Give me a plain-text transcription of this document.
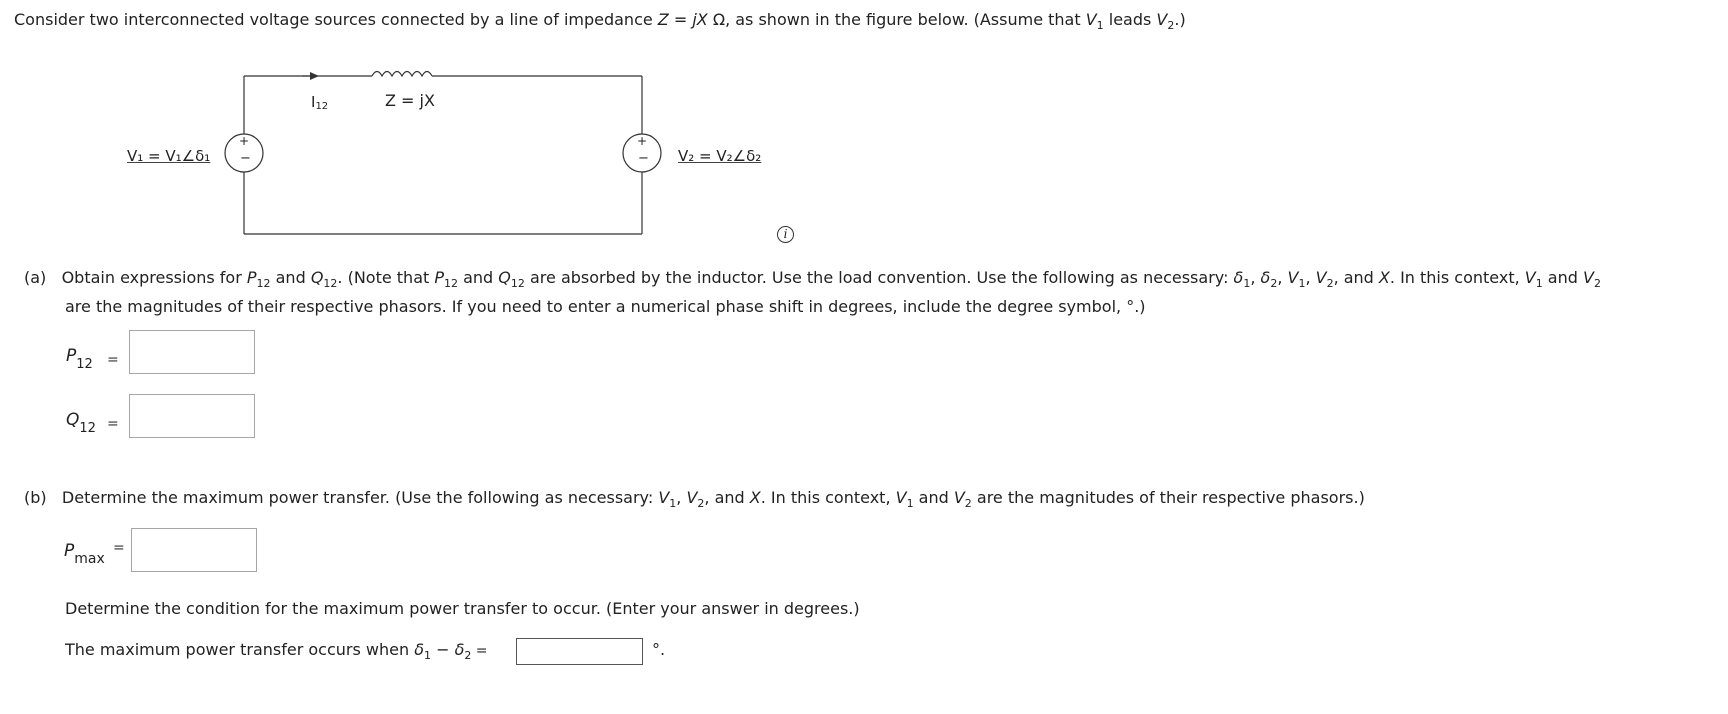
Consider two interconnected voltage sources connected by a line of impedance Z = jX Ω, as shown in the figure below. (Assume that $V_1$ leads $V_2$.)
+
−
+
−
$I_{12}$	Z = jX
V₁ = V₁∠δ₁	V₂ = V₂∠δ₂
i
(a) Obtain expressions for $P_{12}$ and $Q_{12}$. (Note that $P_{12}$ and $Q_{12}$ are absorbed by the inductor. Use the load convention. Use the following as necessary: $\delta_1$, $\delta_2$, $V_1$, $V_2$, and X. In this context, $V_1$ and $V_2$
are the magnitudes of their respective phasors. If you need to enter a numerical phase shift in degrees, include the degree symbol, °.)
$P_{12}$ =
$Q_{12}$ =
(b) Determine the maximum power transfer. (Use the following as necessary: $V_1$, $V_2$, and X. In this context, $V_1$ and $V_2$ are the magnitudes of their respective phasors.)
$P_{max}$
=
Determine the condition for the maximum power transfer to occur. (Enter your answer in degrees.)
The maximum power transfer occurs when $\delta_1 - \delta_2$ =	°.
